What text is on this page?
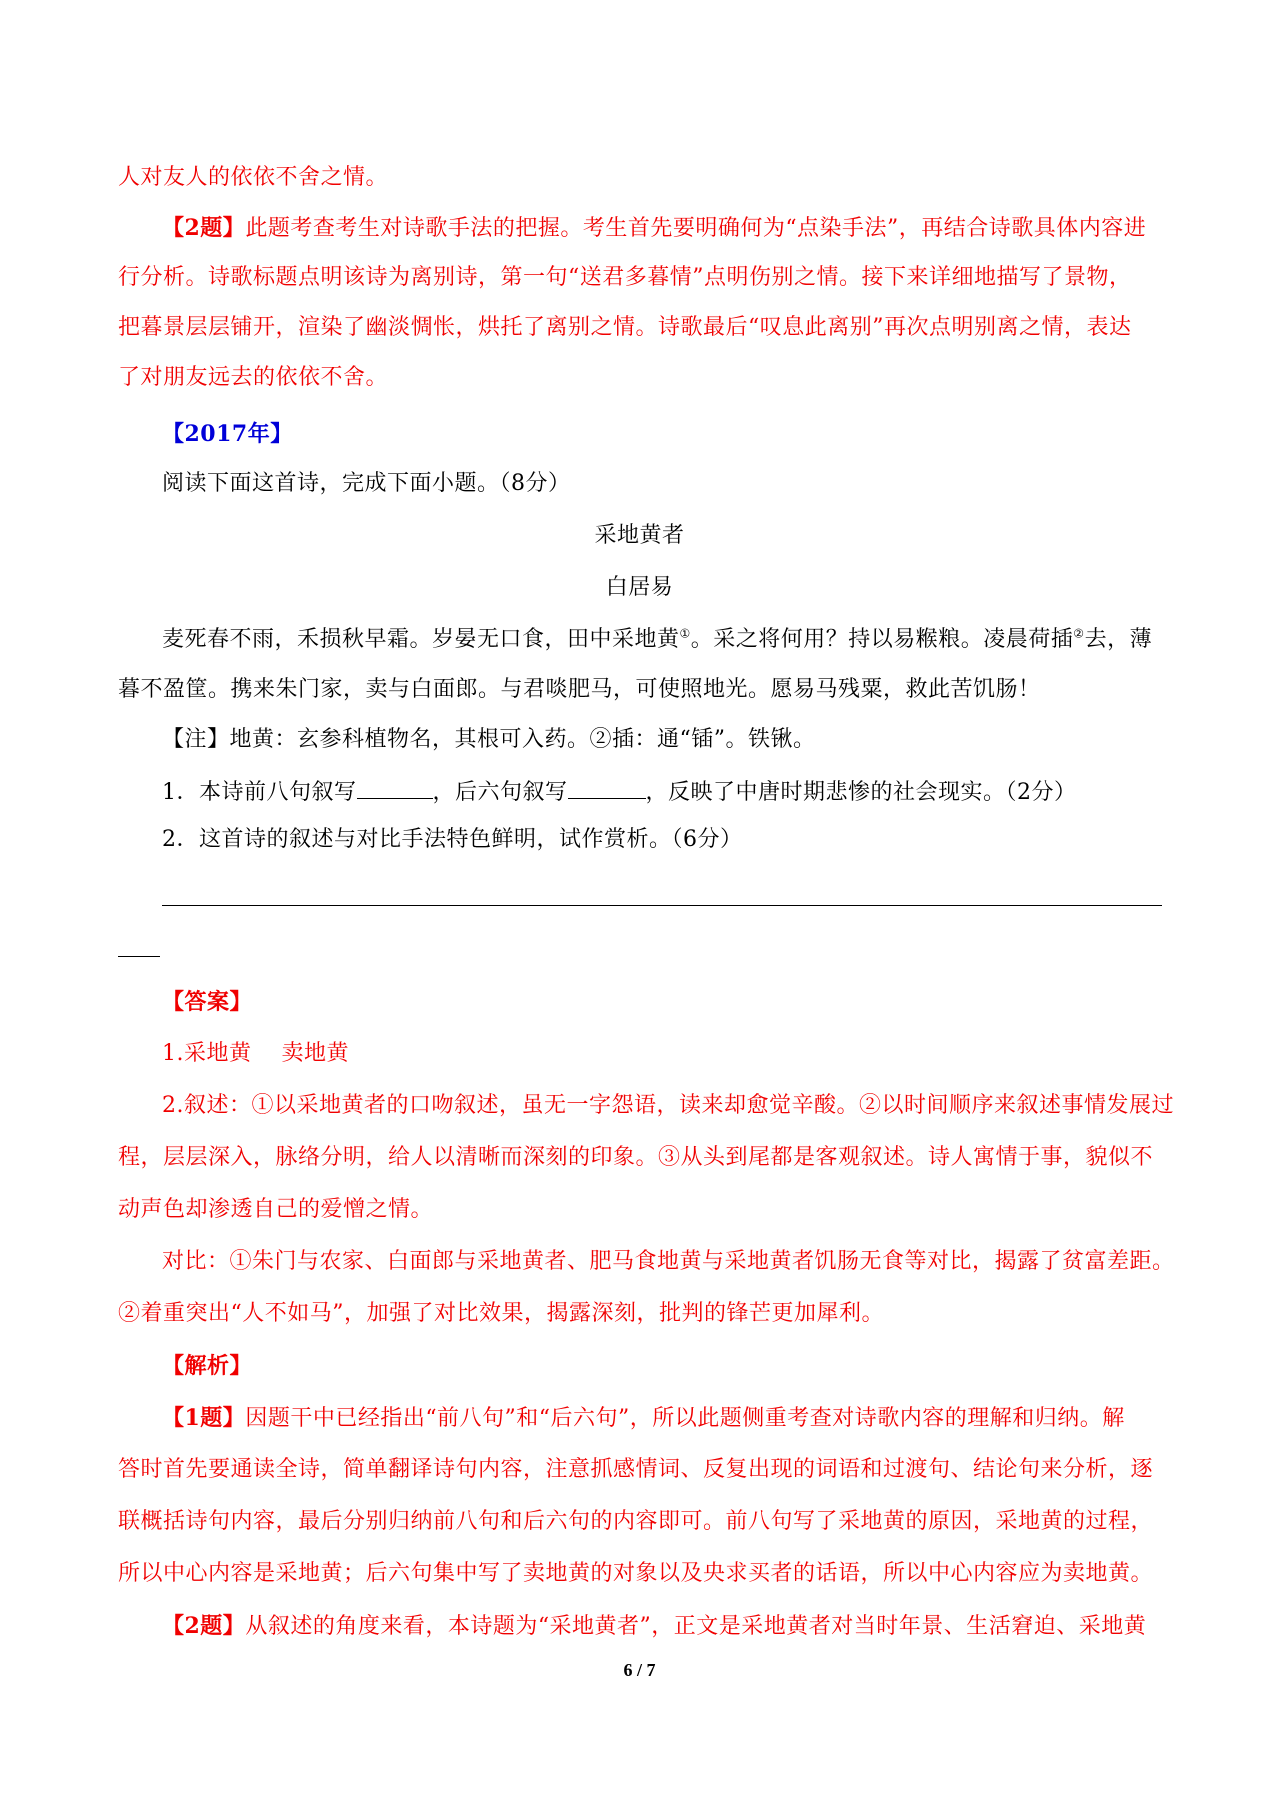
人对友人的依依不舍之情。
【2题】此题考查考生对诗歌手法的把握。考生首先要明确何为“点染手法”，再结合诗歌具体内容进
行分析。诗歌标题点明该诗为离别诗，第一句“送君多暮情”点明伤别之情。接下来详细地描写了景物，
把暮景层层铺开，渲染了幽淡惆怅，烘托了离别之情。诗歌最后“叹息此离别”再次点明别离之情，表达
了对朋友远去的依依不舍。
【2017年】
阅读下面这首诗，完成下面小题。（8分）
采地黄者
白居易
麦死春不雨，禾损秋早霜。岁晏无口食，田中采地黄①。采之将何用？持以易糇粮。凌晨荷插②去，薄
暮不盈筐。携来朱门家，卖与白面郎。与君啖肥马，可使照地光。愿易马残粟，救此苦饥肠！
【注】地黄：玄参科植物名，其根可入药。②插：通“锸”。铁锹。
1．本诗前八句叙写	，后六句叙写	，反映了中唐时期悲惨的社会现实。（2分）
2．这首诗的叙述与对比手法特色鲜明，试作赏析。（6分）
【答案】
1.采地黄　 卖地黄
2.叙述：①以采地黄者的口吻叙述，虽无一字怨语，读来却愈觉辛酸。②以时间顺序来叙述事情发展过
程，层层深入，脉络分明，给人以清晰而深刻的印象。③从头到尾都是客观叙述。诗人寓情于事，貌似不
动声色却渗透自己的爱憎之情。
对比：①朱门与农家、白面郎与采地黄者、肥马食地黄与采地黄者饥肠无食等对比，揭露了贫富差距。
②着重突出“人不如马”，加强了对比效果，揭露深刻，批判的锋芒更加犀利。
【解析】
【1题】因题干中已经指出“前八句”和“后六句”，所以此题侧重考查对诗歌内容的理解和归纳。解
答时首先要通读全诗，简单翻译诗句内容，注意抓感情词、反复出现的词语和过渡句、结论句来分析，逐
联概括诗句内容，最后分别归纳前八句和后六句的内容即可。前八句写了采地黄的原因，采地黄的过程，
所以中心内容是采地黄；后六句集中写了卖地黄的对象以及央求买者的话语，所以中心内容应为卖地黄。
【2题】从叙述的角度来看，本诗题为“采地黄者”，正文是采地黄者对当时年景、生活窘迫、采地黄
6 / 7
